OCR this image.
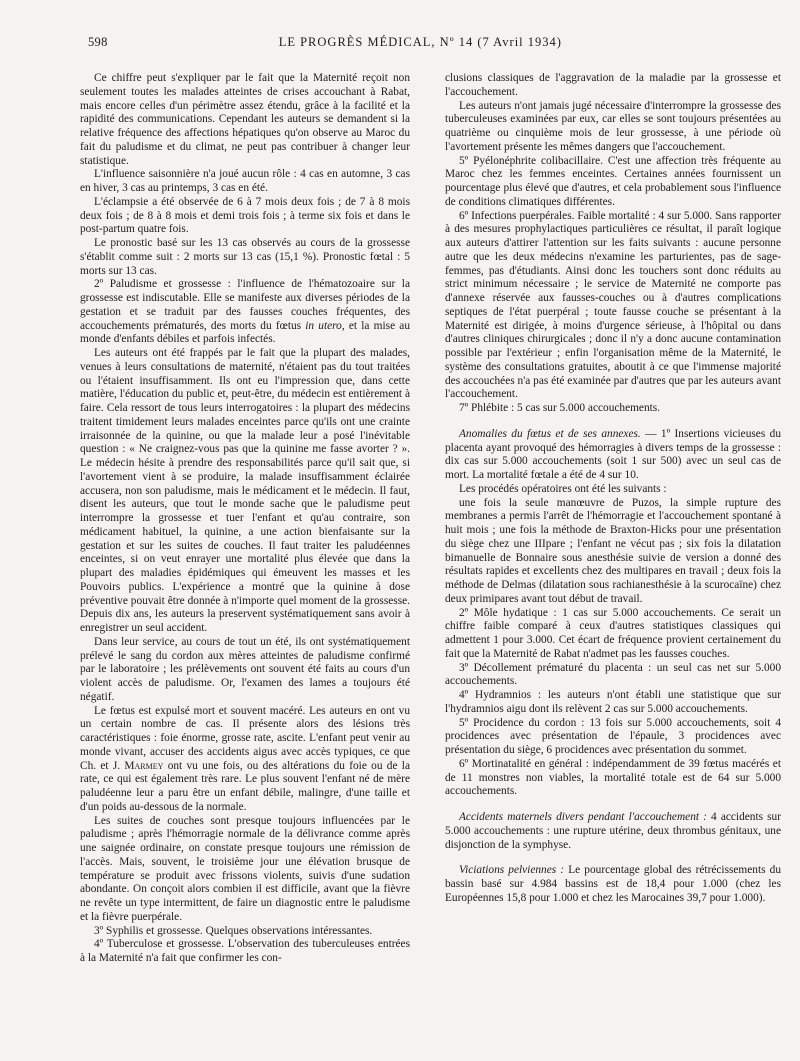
598	LE PROGRÈS MÉDICAL, Nº 14 (7 Avril 1934)

Ce chiffre peut s'expliquer par le fait que la Maternité reçoit non seulement toutes les malades atteintes de crises accouchant à Rabat, mais encore celles d'un périmètre assez étendu, grâce à la facilité et la rapidité des communications. Cependant les auteurs se demandent si la relative fréquence des affections hépatiques qu'on observe au Maroc du fait du paludisme et du climat, ne peut pas contribuer à changer leur statistique.

L'influence saisonnière n'a joué aucun rôle : 4 cas en automne, 3 cas en hiver, 3 cas au printemps, 3 cas en été.

L'éclampsie a été observée de 6 à 7 mois deux fois ; de 7 à 8 mois deux fois ; de 8 à 8 mois et demi trois fois ; à terme six fois et dans le post-partum quatre fois.

Le pronostic basé sur les 13 cas observés au cours de la grossesse s'établit comme suit : 2 morts sur 13 cas (15,1 %). Pronostic fœtal : 5 morts sur 13 cas.

2º Paludisme et grossesse : l'influence de l'hématozoaire sur la grossesse est indiscutable. Elle se manifeste aux diverses périodes de la gestation et se traduit par des fausses couches fréquentes, des accouchements prématurés, des morts du fœtus in utero, et la mise au monde d'enfants débiles et parfois infectés.

Les auteurs ont été frappés par le fait que la plupart des malades, venues à leurs consultations de maternité, n'étaient pas du tout traitées ou l'étaient insuffisamment. Ils ont eu l'impression que, dans cette matière, l'éducation du public et, peut-être, du médecin est entièrement à faire. Cela ressort de tous leurs interrogatoires : la plupart des médecins traitent timidement leurs malades enceintes parce qu'ils ont une crainte irraisonnée de la quinine, ou que la malade leur a posé l'inévitable question : « Ne craignez-vous pas que la quinine me fasse avorter ? ». Le médecin hésite à prendre des responsabilités parce qu'il sait que, si l'avortement vient à se produire, la malade insuffisamment éclairée accusera, non son paludisme, mais le médicament et le médecin. Il faut, disent les auteurs, que tout le monde sache que le paludisme peut interrompre la grossesse et tuer l'enfant et qu'au contraire, son médicament habituel, la quinine, a une action bienfaisante sur la gestation et sur les suites de couches. Il faut traiter les paludéennes enceintes, si on veut enrayer une mortalité plus élevée que dans la plupart des maladies épidémiques qui émeuvent les masses et les Pouvoirs publics. L'expérience a montré que la quinine à dose préventive pouvait être donnée à n'importe quel moment de la grossesse. Depuis dix ans, les auteurs la preservent systématiquement sans avoir à enregistrer un seul accident.

Dans leur service, au cours de tout un été, ils ont systématiquement prélevé le sang du cordon aux mères atteintes de paludisme confirmé par le laboratoire ; les prélèvements ont souvent été faits au cours d'un violent accès de paludisme. Or, l'examen des lames a toujours été négatif.

Le fœtus est expulsé mort et souvent macéré. Les auteurs en ont vu un certain nombre de cas. Il présente alors des lésions très caractéristiques : foie énorme, grosse rate, ascite. L'enfant peut venir au monde vivant, accuser des accidents aigus avec accès typiques, ce que Ch. et J. Marmey ont vu une fois, ou des altérations du foie ou de la rate, ce qui est également très rare. Le plus souvent l'enfant né de mère paludéenne leur a paru être un enfant débile, malingre, d'une taille et d'un poids au-dessous de la normale.

Les suites de couches sont presque toujours influencées par le paludisme ; après l'hémorragie normale de la délivrance comme après une saignée ordinaire, on constate presque toujours une rémission de l'accès. Mais, souvent, le troisième jour une élévation brusque de température se produit avec frissons violents, suivis d'une sudation abondante. On conçoit alors combien il est difficile, avant que la fièvre ne revête un type intermittent, de faire un diagnostic entre le paludisme et la fièvre puerpérale.

3º Syphilis et grossesse. Quelques observations intéressantes.

4º Tuberculose et grossesse. L'observation des tuberculeuses entrées à la Maternité n'a fait que confirmer les con-

clusions classiques de l'aggravation de la maladie par la grossesse et l'accouchement.

Les auteurs n'ont jamais jugé nécessaire d'interrompre la grossesse des tuberculeuses examinées par eux, car elles se sont toujours présentées au quatrième ou cinquième mois de leur grossesse, à une période où l'avortement présente les mêmes dangers que l'accouchement.

5º Pyélonéphrite colibacillaire. C'est une affection très fréquente au Maroc chez les femmes enceintes. Certaines années fournissent un pourcentage plus élevé que d'autres, et cela probablement sous l'influence de conditions climatiques différentes.

6º Infections puerpérales. Faible mortalité : 4 sur 5.000. Sans rapporter à des mesures prophylactiques particulières ce résultat, il paraît logique aux auteurs d'attirer l'attention sur les faits suivants : aucune personne autre que les deux médecins n'examine les parturientes, pas de sage-femmes, pas d'étudiants. Ainsi donc les touchers sont donc réduits au strict minimum nécessaire ; le service de Maternité ne comporte pas d'annexe réservée aux fausses-couches ou à d'autres complications septiques de l'état puerpéral ; toute fausse couche se présentant à la Maternité est dirigée, à moins d'urgence sérieuse, à l'hôpital ou dans d'autres cliniques chirurgicales ; donc il n'y a donc aucune contamination possible par l'extérieur ; enfin l'organisation même de la Maternité, le système des consultations gratuites, aboutit à ce que l'immense majorité des accouchées n'a pas été examinée par d'autres que par les auteurs avant l'accouchement.

7º Phlébite : 5 cas sur 5.000 accouchements.

Anomalies du fœtus et de ses annexes. — 1º Insertions vicieuses du placenta ayant provoqué des hémorragies à divers temps de la grossesse : dix cas sur 5.000 accouchements (soit 1 sur 500) avec un seul cas de mort. La mortalité fœtale a été de 4 sur 10.

Les procédés opératoires ont été les suivants :

une fois la seule manœuvre de Puzos, la simple rupture des membranes a permis l'arrêt de l'hémorragie et l'accouchement spontané à huit mois ; une fois la méthode de Braxton-Hicks pour une présentation du siège chez une IIIpare ; l'enfant ne vécut pas ; six fois la dilatation bimanuelle de Bonnaire sous anesthésie suivie de version a donné des résultats rapides et excellents chez des multipares en travail ; deux fois la méthode de Delmas (dilatation sous rachianesthésie à la scurocaïne) chez deux primipares avant tout début de travail.

2º Môle hydatique : 1 cas sur 5.000 accouchements. Ce serait un chiffre faible comparé à ceux d'autres statistiques classiques qui admettent 1 pour 3.000. Cet écart de fréquence provient certainement du fait que la Maternité de Rabat n'admet pas les fausses couches.

3º Décollement prématuré du placenta : un seul cas net sur 5.000 accouchements.

4º Hydramnios : les auteurs n'ont établi une statistique que sur l'hydramnios aigu dont ils relèvent 2 cas sur 5.000 accouchements.

5º Procidence du cordon : 13 fois sur 5.000 accouchements, soit 4 procidences avec présentation de l'épaule, 3 procidences avec présentation du siège, 6 procidences avec présentation du sommet.

6º Mortinatalité en général : indépendamment de 39 fœtus macérés et de 11 monstres non viables, la mortalité totale est de 64 sur 5.000 accouchements.

Accidents maternels divers pendant l'accouchement : 4 accidents sur 5.000 accouchements : une rupture utérine, deux thrombus génitaux, une disjonction de la symphyse.

Viciations pelviennes : Le pourcentage global des rétrécissements du bassin basé sur 4.984 bassins est de 18,4 pour 1.000 (chez les Européennes 15,8 pour 1.000 et chez les Marocaines 39,7 pour 1.000).
